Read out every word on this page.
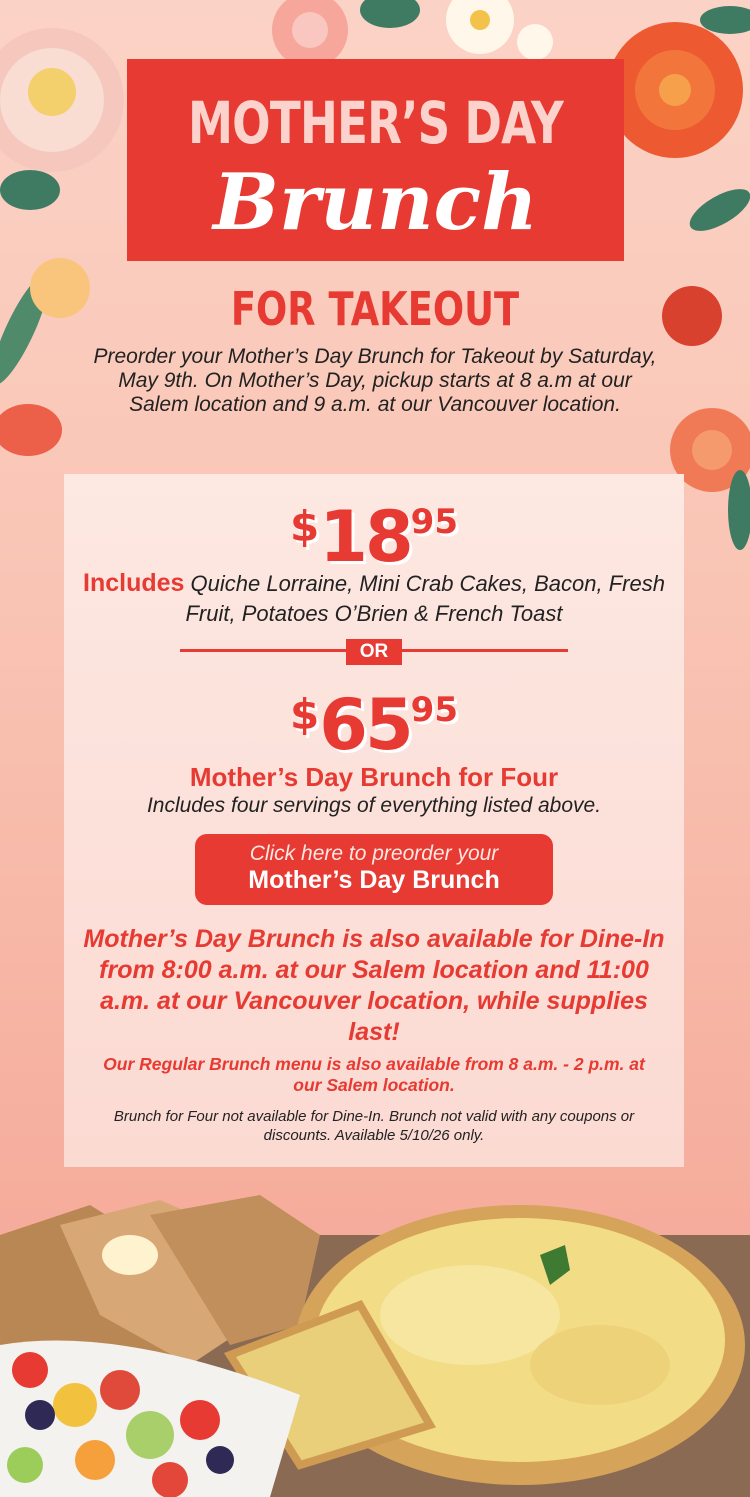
MOTHER’S DAY
Brunch
FOR TAKEOUT
Preorder your Mother’s Day Brunch for Takeout by Saturday, May 9th. On Mother’s Day, pickup starts at 8 a.m at our Salem location and 9 a.m. at our Vancouver location.
$1895
Includes Quiche Lorraine, Mini Crab Cakes, Bacon, Fresh Fruit, Potatoes O’Brien & French Toast
OR
$6595
Mother’s Day Brunch for Four
Includes four servings of everything listed above.
Click here to preorder your
Mother’s Day Brunch
Mother’s Day Brunch is also available for Dine-In from 8:00 a.m. at our Salem location and 11:00 a.m. at our Vancouver location, while supplies last!
Our Regular Brunch menu is also available from 8 a.m. - 2 p.m. at our Salem location.
Brunch for Four not available for Dine-In. Brunch not valid with any coupons or discounts. Available 5/10/26 only.
